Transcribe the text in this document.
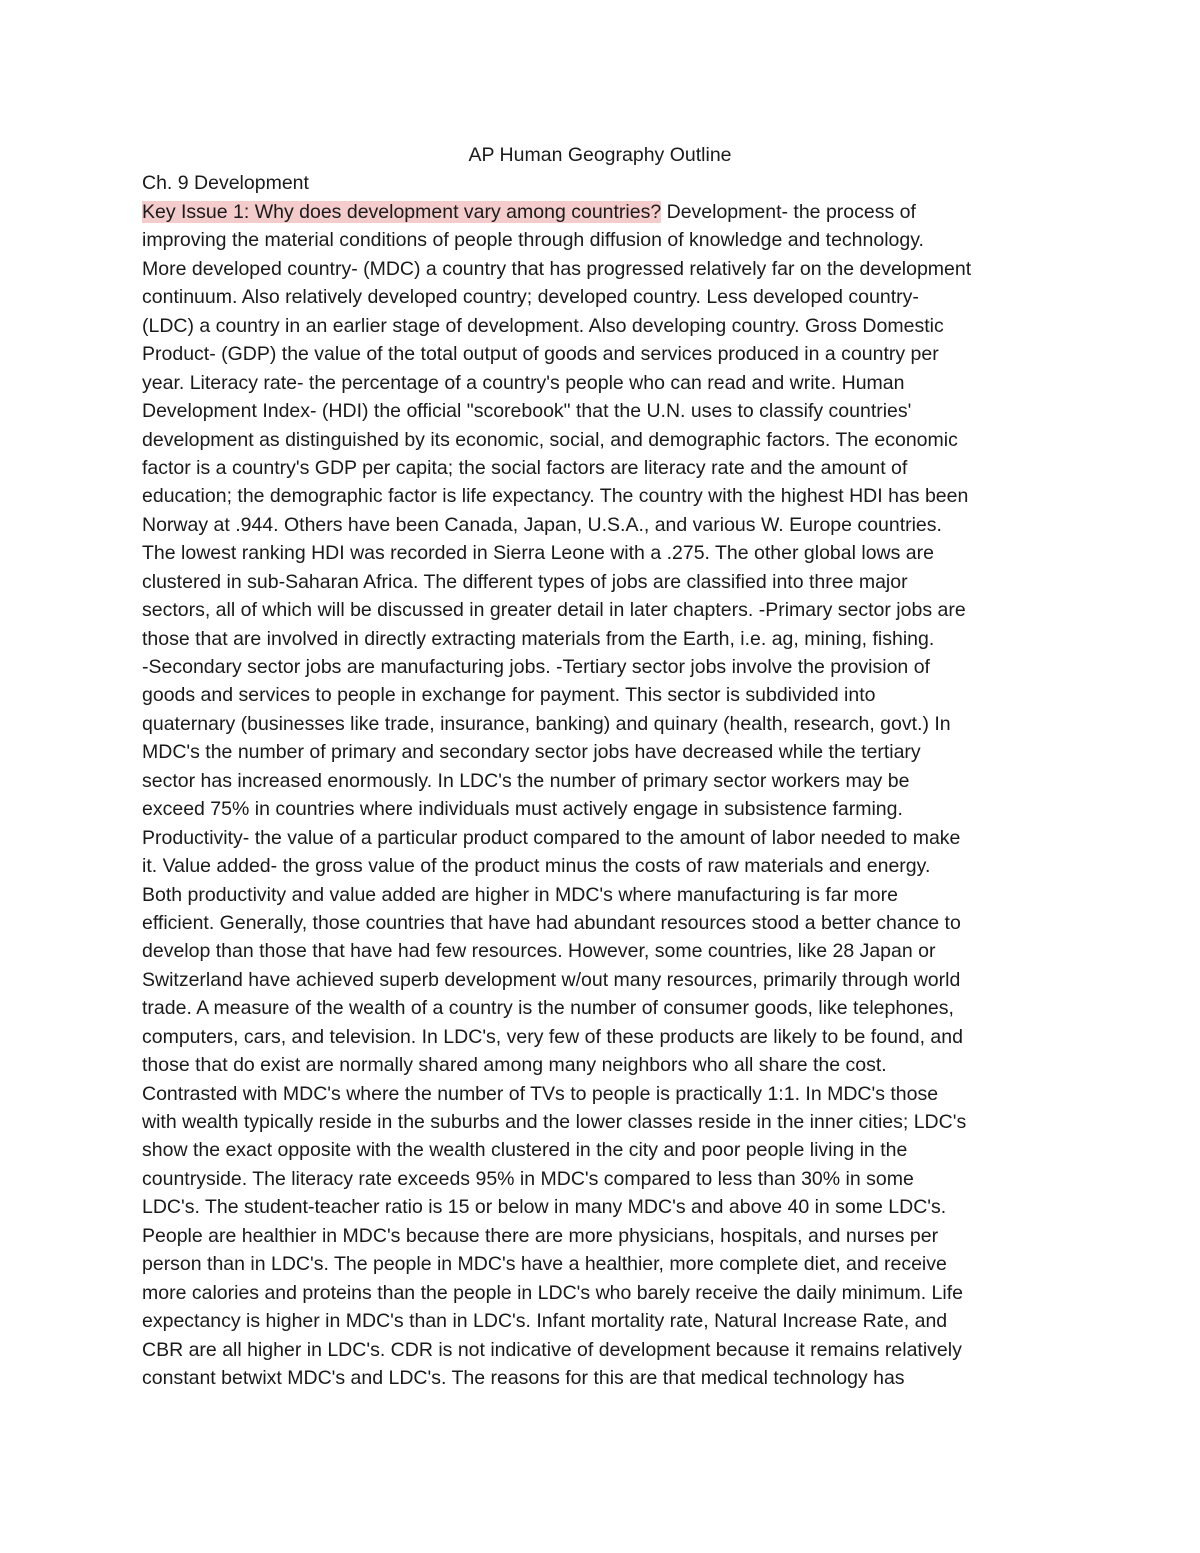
AP Human Geography Outline
Ch. 9 Development
Key Issue 1: Why does development vary among countries? Development- the process of
improving the material conditions of people through diffusion of knowledge and technology.
More developed country- (MDC) a country that has progressed relatively far on the development
continuum. Also relatively developed country; developed country. Less developed country-
(LDC) a country in an earlier stage of development. Also developing country. Gross Domestic
Product- (GDP) the value of the total output of goods and services produced in a country per
year. Literacy rate- the percentage of a country's people who can read and write. Human
Development Index- (HDI) the official "scorebook" that the U.N. uses to classify countries'
development as distinguished by its economic, social, and demographic factors. The economic
factor is a country's GDP per capita; the social factors are literacy rate and the amount of
education; the demographic factor is life expectancy. The country with the highest HDI has been
Norway at .944. Others have been Canada, Japan, U.S.A., and various W. Europe countries.
The lowest ranking HDI was recorded in Sierra Leone with a .275. The other global lows are
clustered in sub-Saharan Africa. The different types of jobs are classified into three major
sectors, all of which will be discussed in greater detail in later chapters. -Primary sector jobs are
those that are involved in directly extracting materials from the Earth, i.e. ag, mining, fishing.
-Secondary sector jobs are manufacturing jobs. -Tertiary sector jobs involve the provision of
goods and services to people in exchange for payment. This sector is subdivided into
quaternary (businesses like trade, insurance, banking) and quinary (health, research, govt.) In
MDC's the number of primary and secondary sector jobs have decreased while the tertiary
sector has increased enormously. In LDC's the number of primary sector workers may be
exceed 75% in countries where individuals must actively engage in subsistence farming.
Productivity- the value of a particular product compared to the amount of labor needed to make
it. Value added- the gross value of the product minus the costs of raw materials and energy.
Both productivity and value added are higher in MDC's where manufacturing is far more
efficient. Generally, those countries that have had abundant resources stood a better chance to
develop than those that have had few resources. However, some countries, like 28 Japan or
Switzerland have achieved superb development w/out many resources, primarily through world
trade. A measure of the wealth of a country is the number of consumer goods, like telephones,
computers, cars, and television. In LDC's, very few of these products are likely to be found, and
those that do exist are normally shared among many neighbors who all share the cost.
Contrasted with MDC's where the number of TVs to people is practically 1:1. In MDC's those
with wealth typically reside in the suburbs and the lower classes reside in the inner cities; LDC's
show the exact opposite with the wealth clustered in the city and poor people living in the
countryside. The literacy rate exceeds 95% in MDC's compared to less than 30% in some
LDC's. The student-teacher ratio is 15 or below in many MDC's and above 40 in some LDC's.
People are healthier in MDC's because there are more physicians, hospitals, and nurses per
person than in LDC's. The people in MDC's have a healthier, more complete diet, and receive
more calories and proteins than the people in LDC's who barely receive the daily minimum. Life
expectancy is higher in MDC's than in LDC's. Infant mortality rate, Natural Increase Rate, and
CBR are all higher in LDC's. CDR is not indicative of development because it remains relatively
constant betwixt MDC's and LDC's. The reasons for this are that medical technology has
